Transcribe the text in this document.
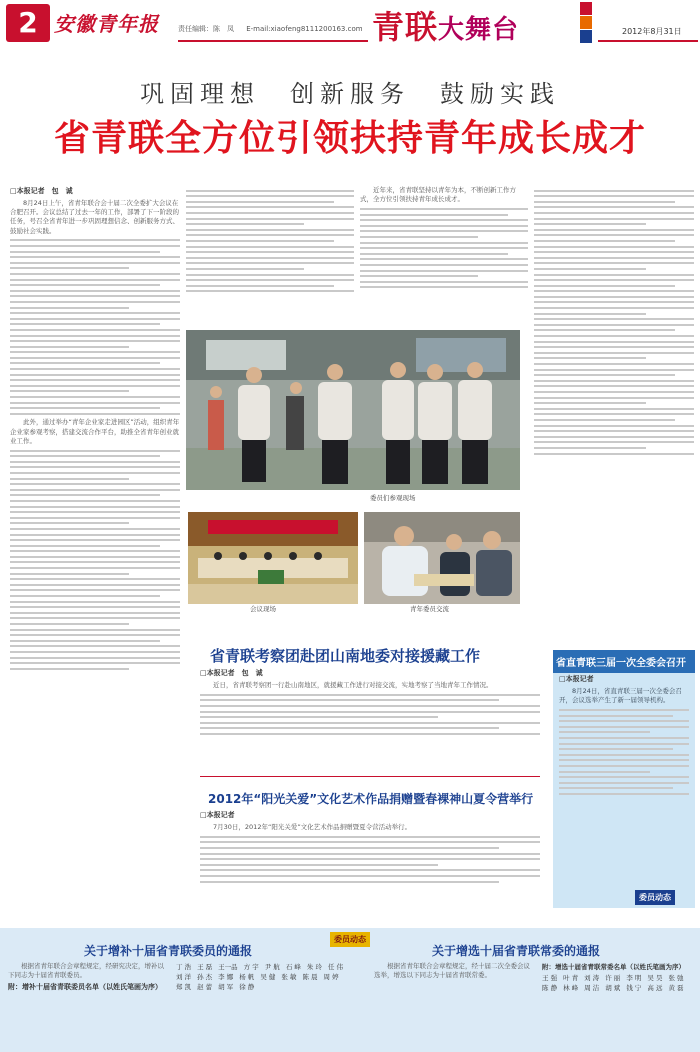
2 安徽青年报	责任编辑：陈　凤 E-mail:xiaofeng8111200163.com 青联大舞台	2012年8月31日
巩固理想　创新服务　鼓励实践
省青联全方位引领扶持青年成长成才
□本报记者　包　诚

8月24日上午，省青年联合会十届二次全委扩大会议在合肥召开。会议总结了过去一年的工作，部署了下一阶段的任务，号召全省青年进一步巩固理想信念、创新服务方式、鼓励社会实践。

此外，通过举办“青年企业家走进园区”活动，组织青年企业家参观考察，搭建交流合作平台，助推全省青年创业就业工作。

近年来，省青联坚持以青年为本，不断创新工作方式，全方位引领扶持青年成长成才。

委员们参观现场
会议现场	青年委员交流
省青联考察团赴团山南地委对接援藏工作
□本报记者　包　诚

近日，省青联考察团一行赴山南地区，就援藏工作进行对接交流，实地考察了当地青年工作情况。

2012年“阳光关爱”文化艺术作品捐赠暨春裸神山夏令营举行
□本报记者

7月30日，2012年“阳光关爱”文化艺术作品捐赠暨夏令营活动举行。

省直青联三届一次全委会召开
□本报记者

8月24日，省直青联三届一次全委会召开，会议选举产生了新一届领导机构。

委员动态
关于增补十届省青联委员的通报
委员动态
关于增选十届省青联常委的通报

根据省青年联合会章程规定，经研究决定，增补以下同志为十届省青联委员。

附：增补十届省青联委员名单（以姓氏笔画为序）
丁 浩 王 磊 王一品 方 宇 尹 航 石 峰 朱 玲 任 伟刘 洋 孙 杰 李 娜 杨 帆 吴 健 张 敏 陈 晨 周 婷郑 凯 赵 蕾 胡 军 徐 静

根据省青年联合会章程规定，经十届二次全委会议选举，增选以下同志为十届省青联常委。

附：增选十届省青联常委名单（以姓氏笔画为序）
王 强 叶 青 刘 涛 许 丽 李 明 吴 昊 张 弛陈 静 林 峰 周 洁 胡 斌 钱 宁 高 远 黄 磊
